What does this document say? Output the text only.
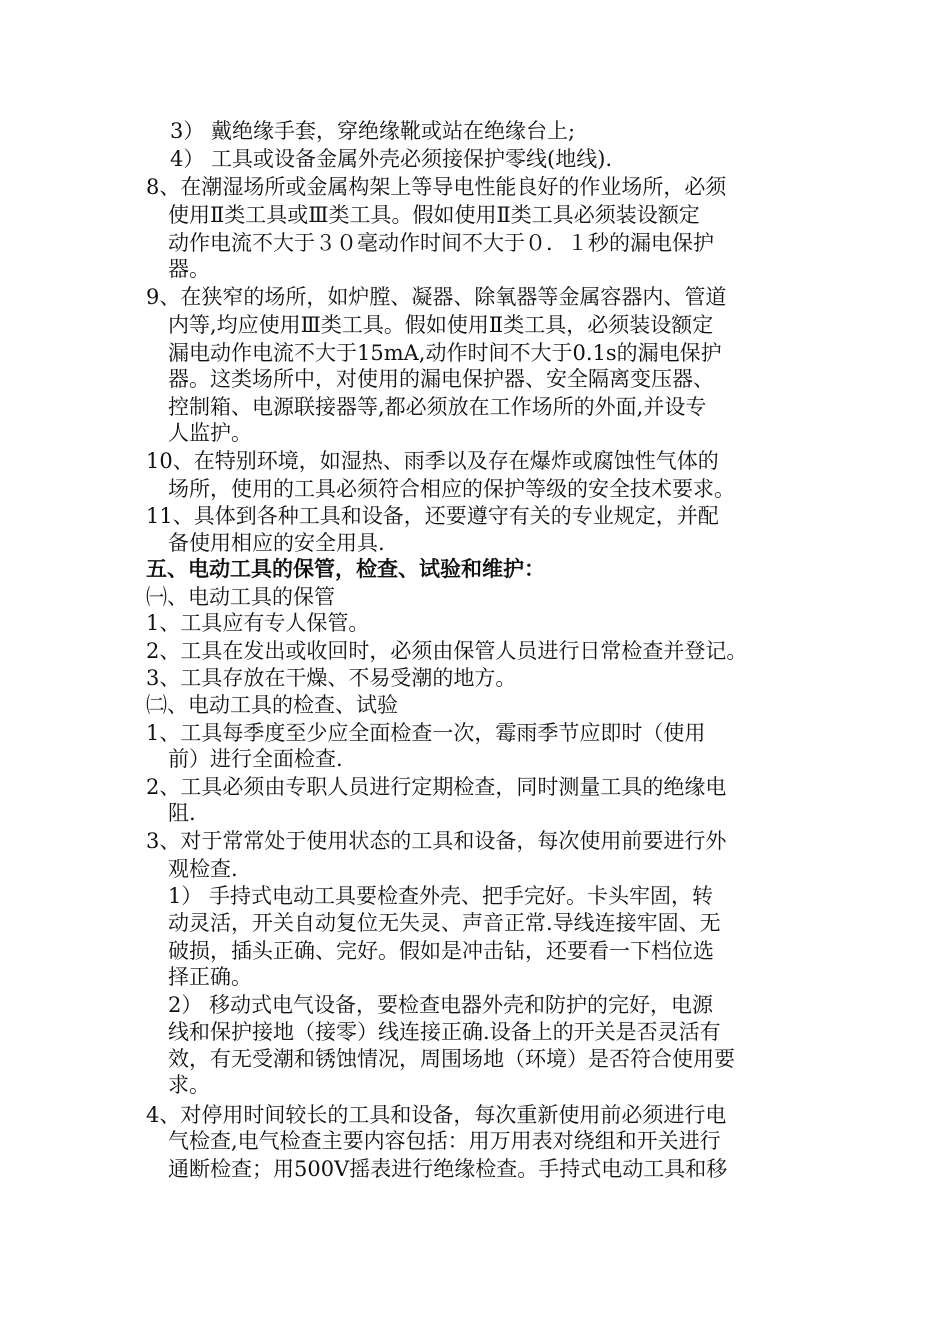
3） 戴绝缘手套，穿绝缘靴或站在绝缘台上;
4） 工具或设备金属外壳必须接保护零线(地线).
8、在潮湿场所或金属构架上等导电性能良好的作业场所，必须
使用Ⅱ类工具或Ⅲ类工具。假如使用Ⅱ类工具必须装设额定
动作电流不大于３０毫动作时间不大于０．１秒的漏电保护
器。
9、在狭窄的场所，如炉膛、凝器、除氧器等金属容器内、管道
内等,均应使用Ⅲ类工具。假如使用Ⅱ类工具，必须装设额定
漏电动作电流不大于15mA,动作时间不大于0.1s的漏电保护
器。这类场所中，对使用的漏电保护器、安全隔离变压器、
控制箱、电源联接器等,都必须放在工作场所的外面,并设专
人监护。
10、在特别环境，如湿热、雨季以及存在爆炸或腐蚀性气体的
场所，使用的工具必须符合相应的保护等级的安全技术要求。
11、具体到各种工具和设备，还要遵守有关的专业规定，并配
备使用相应的安全用具.
五、电动工具的保管，检查、试验和维护：
㈠、电动工具的保管
1、工具应有专人保管。
2、工具在发出或收回时，必须由保管人员进行日常检查并登记。
3、工具存放在干燥、不易受潮的地方。
㈡、电动工具的检查、试验
1、工具每季度至少应全面检查一次，霉雨季节应即时（使用
前）进行全面检查.
2、工具必须由专职人员进行定期检查，同时测量工具的绝缘电
阻.
3、对于常常处于使用状态的工具和设备，每次使用前要进行外
观检查.
1） 手持式电动工具要检查外壳、把手完好。卡头牢固，转
动灵活，开关自动复位无失灵、声音正常.导线连接牢固、无
破损，插头正确、完好。假如是冲击钻，还要看一下档位选
择正确。
2） 移动式电气设备，要检查电器外壳和防护的完好，电源
线和保护接地（接零）线连接正确.设备上的开关是否灵活有
效，有无受潮和锈蚀情况，周围场地（环境）是否符合使用要
求。
4、对停用时间较长的工具和设备，每次重新使用前必须进行电
气检查,电气检查主要内容包括：用万用表对绕组和开关进行
通断检查；用500V摇表进行绝缘检查。手持式电动工具和移
